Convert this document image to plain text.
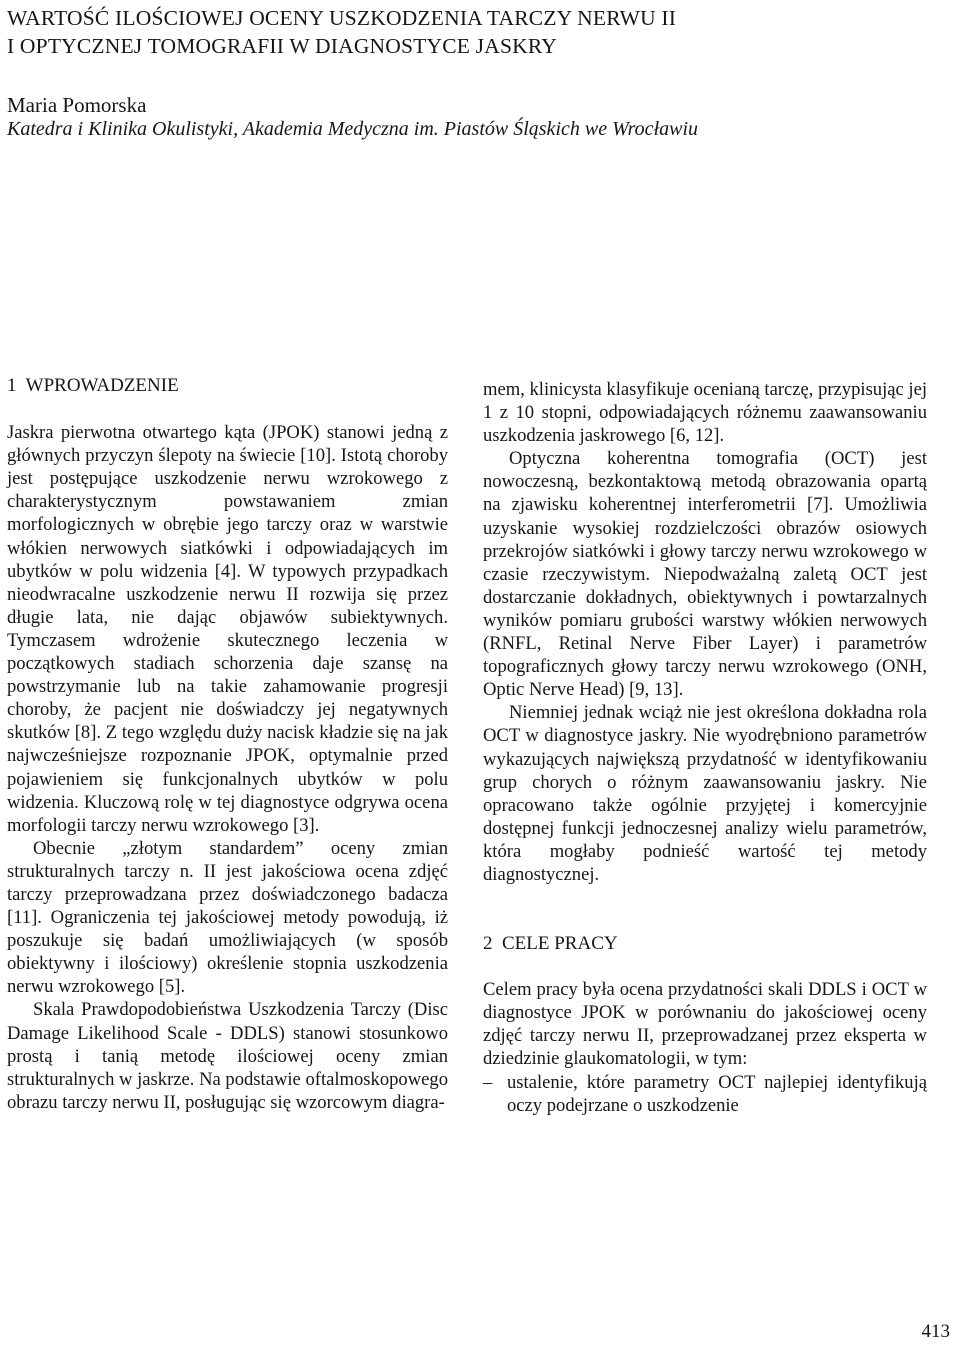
WARTOŚĆ ILOŚCIOWEJ OCENY USZKODZENIA TARCZY NERWU II
I OPTYCZNEJ TOMOGRAFII W DIAGNOSTYCE JASKRY
Maria Pomorska
Katedra i Klinika Okulistyki, Akademia Medyczna im. Piastów Śląskich we Wrocławiu

1  WPROWADZENIE

Jaskra pierwotna otwartego kąta (JPOK) stanowi jedną z głównych przyczyn ślepoty na świecie [10]. Istotą choroby jest postępujące uszkodzenie nerwu wzrokowego z charakterystycznym powstawaniem zmian morfologicznych w obrębie jego tarczy oraz w warstwie włókien nerwowych siatkówki i odpowiadających im ubytków w polu widzenia [4]. W typowych przypadkach nieodwracalne uszkodzenie nerwu II rozwija się przez długie lata, nie dając objawów subiektywnych. Tymczasem wdrożenie skutecznego leczenia w początkowych stadiach schorzenia daje szansę na powstrzymanie lub na takie zahamowanie progresji choroby, że pacjent nie doświadczy jej negatywnych skutków [8]. Z tego względu duży nacisk kładzie się na jak najwcześniejsze rozpoznanie JPOK, optymalnie przed pojawieniem się funkcjonalnych ubytków w polu widzenia. Kluczową rolę w tej diagnostyce odgrywa ocena morfologii tarczy nerwu wzrokowego [3].

Obecnie „złotym standardem” oceny zmian strukturalnych tarczy n. II jest jakościowa ocena zdjęć tarczy przeprowadzana przez doświadczonego badacza [11]. Ograniczenia tej jakościowej metody powodują, iż poszukuje się badań umożliwiających (w sposób obiektywny i ilościowy) określenie stopnia uszkodzenia nerwu wzrokowego [5].

Skala Prawdopodobieństwa Uszkodzenia Tarczy (Disc Damage Likelihood Scale - DDLS) stanowi stosunkowo prostą i tanią metodę ilościowej oceny zmian strukturalnych w jaskrze. Na podstawie oftalmoskopowego obrazu tarczy nerwu II, posługując się wzorcowym diagra-

mem, klinicysta klasyfikuje ocenianą tarczę, przypisując jej 1 z 10 stopni, odpowiadających różnemu zaawansowaniu uszkodzenia jaskrowego [6, 12].

Optyczna koherentna tomografia (OCT) jest nowoczesną, bezkontaktową metodą obrazowania opartą na zjawisku koherentnej interferometrii [7]. Umożliwia uzyskanie wysokiej rozdzielczości obrazów osiowych przekrojów siatkówki i głowy tarczy nerwu wzrokowego w czasie rzeczywistym. Niepodważalną zaletą OCT jest dostarczanie dokładnych, obiektywnych i powtarzalnych wyników pomiaru grubości warstwy włókien nerwowych (RNFL, Retinal Nerve Fiber Layer) i parametrów topograficznych głowy tarczy nerwu wzrokowego (ONH, Optic Nerve Head) [9, 13].

Niemniej jednak wciąż nie jest określona dokładna rola OCT w diagnostyce jaskry. Nie wyodrębniono parametrów wykazujących największą przydatność w identyfikowaniu grup chorych o różnym zaawansowaniu jaskry. Nie opracowano także ogólnie przyjętej i komercyjnie dostępnej funkcji jednoczesnej analizy wielu parametrów, która mogłaby podnieść wartość tej metody diagnostycznej.

2  CELE PRACY

Celem pracy była ocena przydatności skali DDLS i OCT w diagnostyce JPOK w porównaniu do jakościowej oceny zdjęć tarczy nerwu II, przeprowadzanej przez eksperta w dziedzinie glaukomatologii, w tym:

– ustalenie, które parametry OCT najlepiej identyfikują oczy podejrzane o uszkodzenie
413
